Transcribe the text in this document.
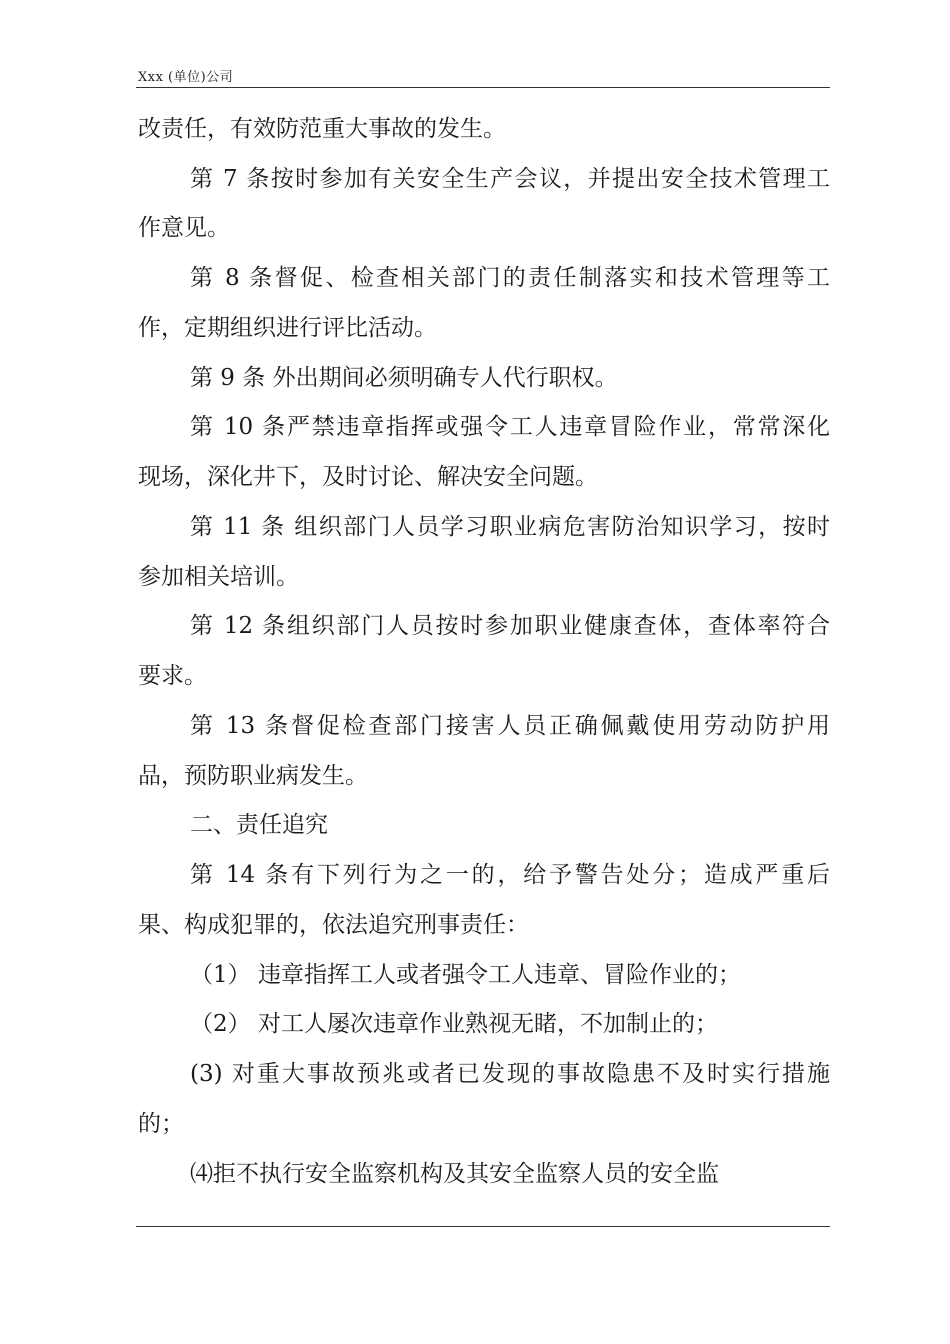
Xxx (单位)公司
改责任，有效防范重大事故的发生。
第 7 条按时参加有关安全生产会议，并提出安全技术管理工
作意见。
第 8 条督促、检查相关部门的责任制落实和技术管理等工
作，定期组织进行评比活动。
第 9 条 外出期间必须明确专人代行职权。
第 10 条严禁违章指挥或强令工人违章冒险作业，常常深化
现场，深化井下，及时讨论、解决安全问题。
第 11 条 组织部门人员学习职业病危害防治知识学习，按时
参加相关培训。
第 12 条组织部门人员按时参加职业健康查体，查体率符合
要求。
第 13 条督促检查部门接害人员正确佩戴使用劳动防护用
品，预防职业病发生。
二、责任追究
第 14 条有下列行为之一的，给予警告处分；造成严重后
果、构成犯罪的，依法追究刑事责任：
（1） 违章指挥工人或者强令工人违章、冒险作业的；
（2） 对工人屡次违章作业熟视无睹，不加制止的；
(3) 对重大事故预兆或者已发现的事故隐患不及时实行措施
的；
⑷拒不执行安全监察机构及其安全监察人员的安全监
